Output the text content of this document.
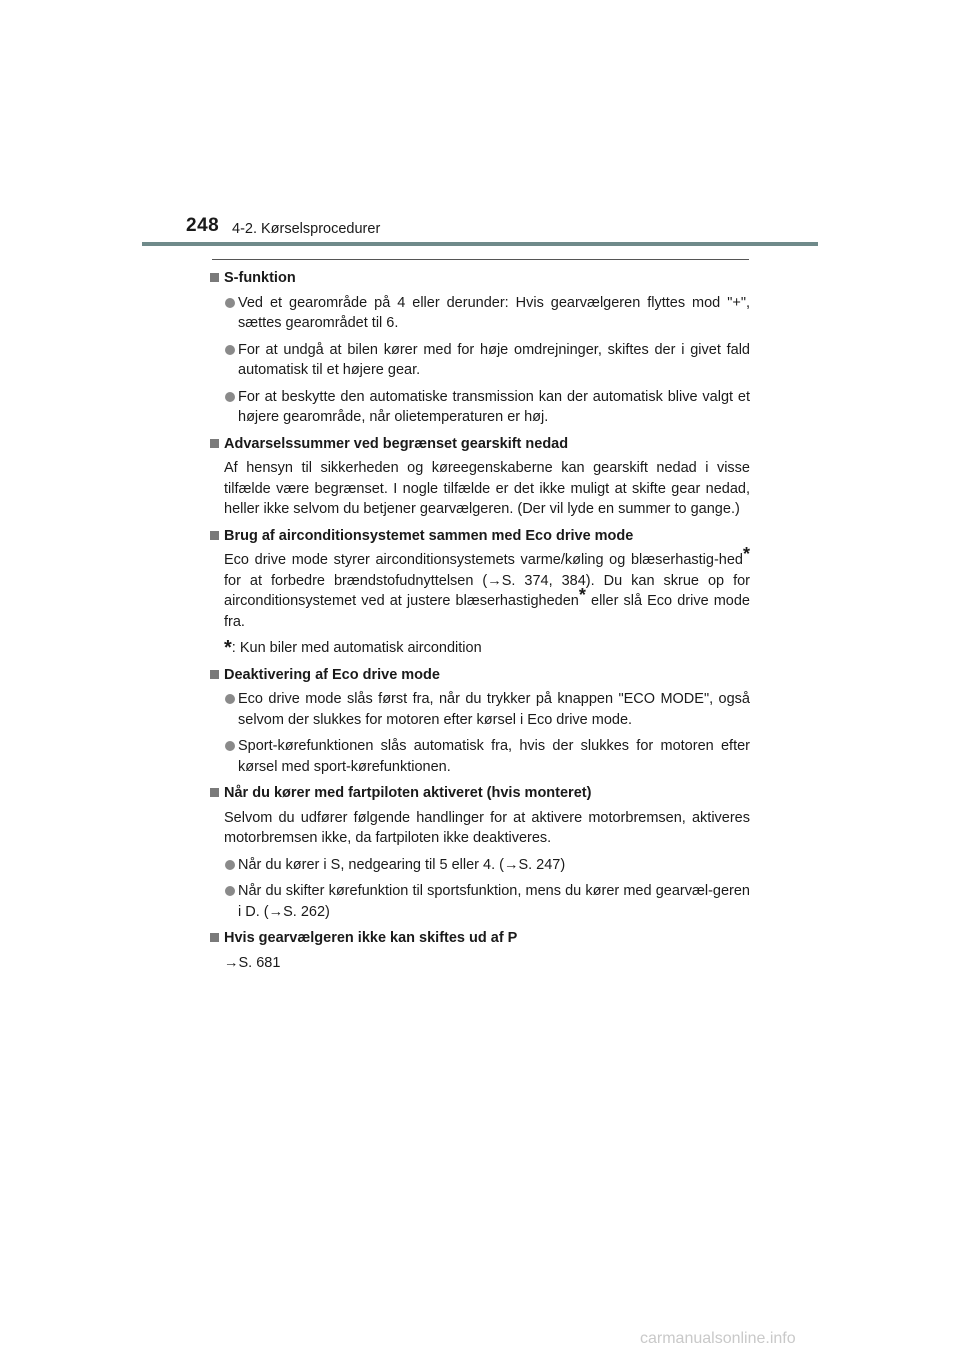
248 4-2. Kørselsprocedurer
S-funktion
Ved et gearområde på 4 eller derunder: Hvis gearvælgeren flyttes mod "+", sættes gearområdet til 6.
For at undgå at bilen kører med for høje omdrejninger, skiftes der i givet fald automatisk til et højere gear.
For at beskytte den automatiske transmission kan der automatisk blive valgt et højere gearområde, når olietemperaturen er høj.
Advarselssummer ved begrænset gearskift nedad
Af hensyn til sikkerheden og køreegenskaberne kan gearskift nedad i visse tilfælde være begrænset. I nogle tilfælde er det ikke muligt at skifte gear nedad, heller ikke selvom du betjener gearvælgeren. (Der vil lyde en summer to gange.)
Brug af airconditionsystemet sammen med Eco drive mode
Eco drive mode styrer airconditionsystemets varme/køling og blæserhastig-hed* for at forbedre brændstofudnyttelsen (→S. 374, 384). Du kan skrue op for airconditionsystemet ved at justere blæserhastigheden* eller slå Eco drive mode fra.
*: Kun biler med automatisk aircondition
Deaktivering af Eco drive mode
Eco drive mode slås først fra, når du trykker på knappen "ECO MODE", også selvom der slukkes for motoren efter kørsel i Eco drive mode.
Sport-kørefunktionen slås automatisk fra, hvis der slukkes for motoren efter kørsel med sport-kørefunktionen.
Når du kører med fartpiloten aktiveret (hvis monteret)
Selvom du udfører følgende handlinger for at aktivere motorbremsen, aktiveres motorbremsen ikke, da fartpiloten ikke deaktiveres.
Når du kører i S, nedgearing til 5 eller 4. (→S. 247)
Når du skifter kørefunktion til sportsfunktion, mens du kører med gearvæl-geren i D. (→S. 262)
Hvis gearvælgeren ikke kan skiftes ud af P
→S. 681
carmanualsonline.info
